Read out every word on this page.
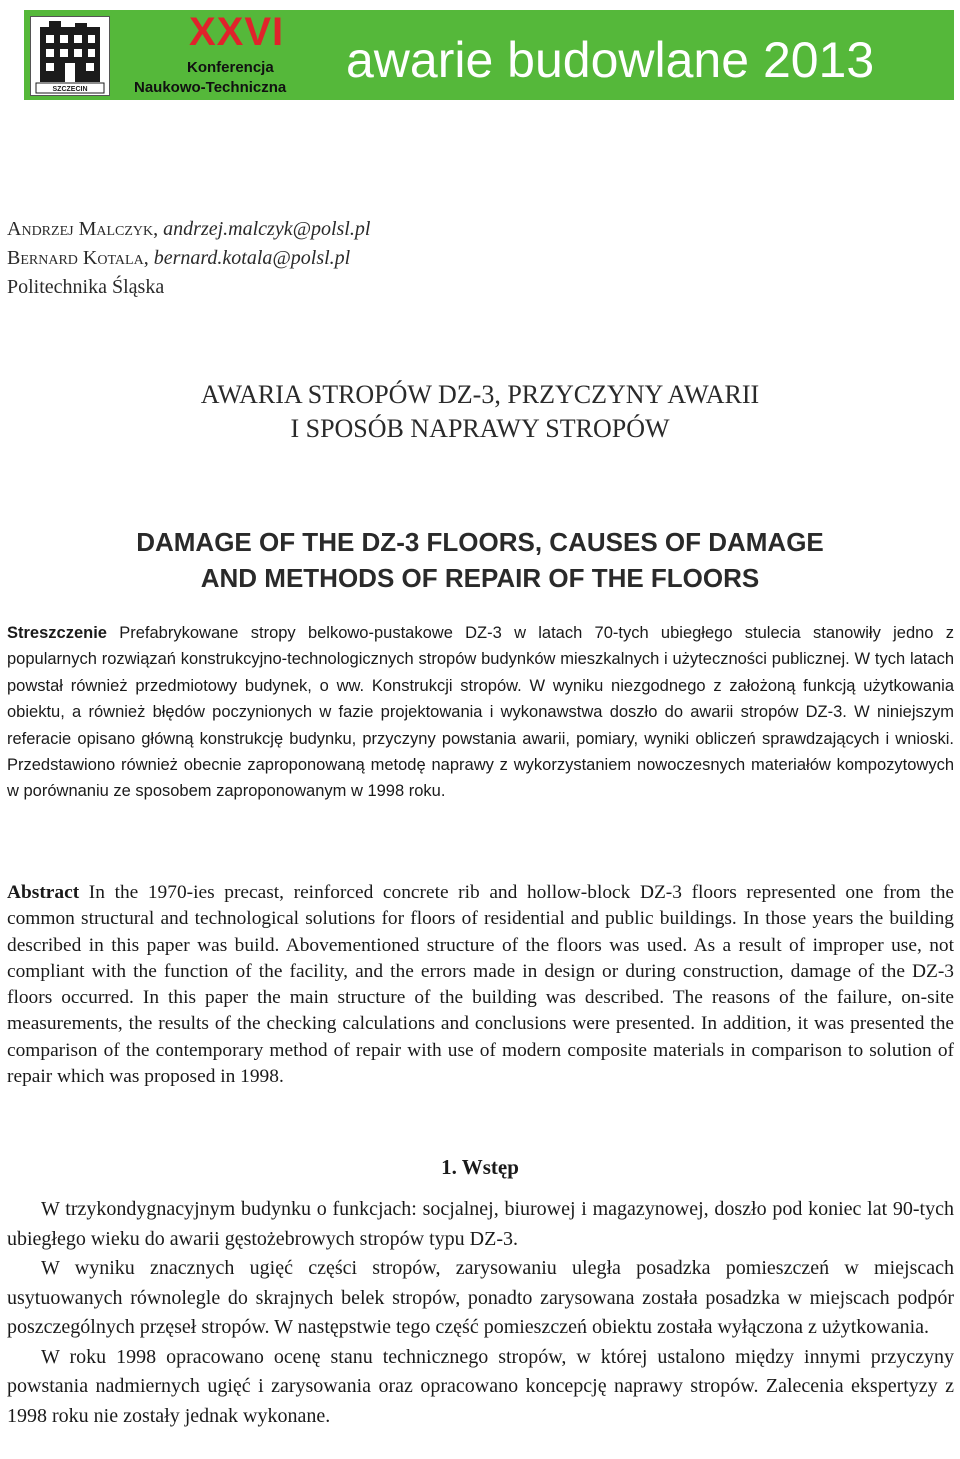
SZCZECIN
XXVI
Konferencja
Naukowo-Techniczna awarie budowlane 2013
ANDRZEJ MALCZYK, andrzej.malczyk@polsl.pl
BERNARD KOTALA, bernard.kotala@polsl.pl
Politechnika Śląska
AWARIA STROPÓW DZ-3, PRZYCZYNY AWARII
I SPOSÓB NAPRAWY STROPÓW
DAMAGE OF THE DZ-3 FLOORS, CAUSES OF DAMAGE
AND METHODS OF REPAIR OF THE FLOORS

Streszczenie Prefabrykowane stropy belkowo-pustakowe DZ-3 w latach 70-tych ubiegłego stulecia stanowiły jedno z popularnych rozwiązań konstrukcyjno-technologicznych stropów budynków mieszkalnych i użyteczności publicznej. W tych latach powstał również przedmiotowy budynek, o ww. Konstrukcji stropów. W wyniku niezgodnego z założoną funkcją użytkowania obiektu, a również błędów poczynionych w fazie projektowania i wykonawstwa doszło do awarii stropów DZ-3. W niniejszym referacie opisano główną konstrukcję budynku, przyczyny powstania awarii, pomiary, wyniki obliczeń sprawdzających i wnioski. Przedstawiono również obecnie zaproponowaną metodę naprawy z wykorzystaniem nowoczesnych materiałów kompozytowych w porównaniu ze sposobem zaproponowanym w 1998 roku.

Abstract In the 1970-ies precast, reinforced concrete rib and hollow-block DZ-3 floors represented one from the common structural and technological solutions for floors of residential and public buildings. In those years the building described in this paper was build. Abovementioned structure of the floors was used. As a result of improper use, not compliant with the function of the facility, and the errors made in design or during construction, damage of the DZ-3 floors occurred. In this paper the main structure of the building was described. The reasons of the failure, on-site measurements, the results of the checking calculations and conclusions were presented. In addition, it was presented the comparison of the contemporary method of repair with use of modern composite materials in comparison to solution of repair which was proposed in 1998.

1. Wstęp

W trzykondygnacyjnym budynku o funkcjach: socjalnej, biurowej i magazynowej, doszło pod koniec lat 90-tych ubiegłego wieku do awarii gęstożebrowych stropów typu DZ-3.

W wyniku znacznych ugięć części stropów, zarysowaniu uległa posadzka pomieszczeń w miejscach usytuowanych równolegle do skrajnych belek stropów, ponadto zarysowana została posadzka w miejscach podpór poszczególnych przęseł stropów. W następstwie tego część pomieszczeń obiektu została wyłączona z użytkowania.

W roku 1998 opracowano ocenę stanu technicznego stropów, w której ustalono między innymi przyczyny powstania nadmiernych ugięć i zarysowania oraz opracowano koncepcję naprawy stropów. Zalecenia ekspertyzy z 1998 roku nie zostały jednak wykonane.
